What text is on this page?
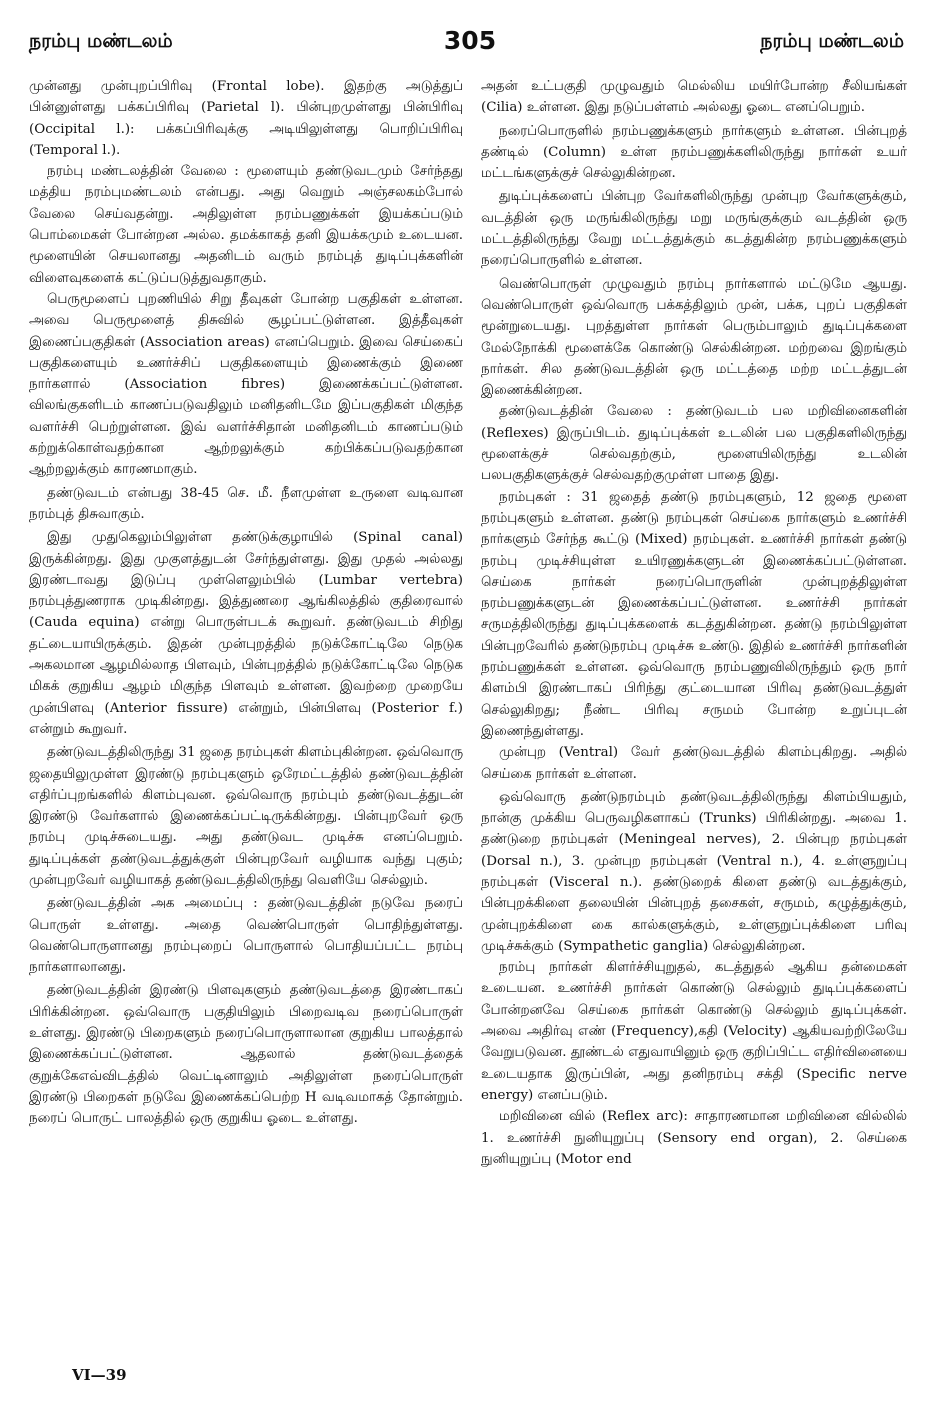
நரம்பு மண்டலம்	305	நரம்பு மண்டலம்

முன்னது முன்புறப்பிரிவு (Frontal lobe). இதற்கு அடுத்துப் பின்னுள்ளது பக்கப்பிரிவு (Parietal l). பின்புறமுள்ளது பின்பிரிவு (Occipital l.): பக்கப்பிரிவுக்கு அடியிலுள்ளது பொறிப்பிரிவு (Temporal l.).

நரம்பு மண்டலத்தின் வேலை : மூளையும் தண்டுவடமும் சேர்ந்தது மத்திய நரம்புமண்டலம் என்பது. அது வெறும் அஞ்சலகம்போல் வேலை செய்வதன்று. அதிலுள்ள நரம்பணுக்கள் இயக்கப்படும் பொம்மைகள் போன்றன அல்ல. தமக்காகத் தனி இயக்கமும் உடையன. மூளையின் செயலானது அதனிடம் வரும் நரம்புத் துடிப்புக்களின் விளைவுகளைக் கட்டுப்படுத்துவதாகும்.

பெருமூளைப் புறணியில் சிறு தீவுகள் போன்ற பகுதிகள் உள்ளன. அவை பெருமூளைத் திசுவில் சூழப்பட்டுள்ளன. இத்தீவுகள் இணைப்பகுதிகள் (Association areas) எனப்பெறும். இவை செய்கைப் பகுதிகளையும் உணர்ச்சிப் பகுதிகளையும் இணைக்கும் இணை நார்களால் (Association fibres) இணைக்கப்பட்டுள்ளன. விலங்குகளிடம் காணப்படுவதிலும் மனிதனிடமே இப்பகுதிகள் மிகுந்த வளர்ச்சி பெற்றுள்ளன. இவ் வளர்ச்சிதான் மனிதனிடம் காணப்படும் கற்றுக்கொள்வதற்கான ஆற்றலுக்கும் கற்பிக்கப்படுவதற்கான ஆற்றலுக்கும் காரணமாகும்.

தண்டுவடம் என்பது 38-45 செ. மீ. நீளமுள்ள உருளை வடிவான நரம்புத் திசுவாகும்.

இது முதுகெலும்பிலுள்ள தண்டுக்குழாயில் (Spinal canal) இருக்கின்றது. இது முகுளத்துடன் சேர்ந்துள்ளது. இது முதல் அல்லது இரண்டாவது இடுப்பு முள்ளெலும்பில் (Lumbar vertebra) நரம்புத்துணராக முடிகின்றது. இத்துணரை ஆங்கிலத்தில் குதிரைவால் (Cauda equina) என்று பொருள்படக் கூறுவர். தண்டுவடம் சிறிது தட்டையாயிருக்கும். இதன் முன்புறத்தில் நடுக்கோட்டிலே நெடுக அகலமான ஆழமில்லாத பிளவும், பின்புறத்தில் நடுக்கோட்டிலே நெடுக மிகக் குறுகிய ஆழம் மிகுந்த பிளவும் உள்ளன. இவற்றை முறையே முன்பிளவு (Anterior fissure) என்றும், பின்பிளவு (Posterior f.) என்றும் கூறுவர்.

தண்டுவடத்திலிருந்து 31 ஜதை நரம்புகள் கிளம்புகின்றன. ஒவ்வொரு ஜதையிலுமுள்ள இரண்டு நரம்புகளும் ஒரேமட்டத்தில் தண்டுவடத்தின் எதிர்ப்புறங்களில் கிளம்புவன. ஒவ்வொரு நரம்பும் தண்டுவடத்துடன் இரண்டு வேர்களால் இணைக்கப்பட்டிருக்கின்றது. பின்புறவேர் ஒரு நரம்பு முடிச்சுடையது. அது தண்டுவட முடிச்சு எனப்பெறும். துடிப்புக்கள் தண்டுவடத்துக்குள் பின்புறவேர் வழியாக வந்து புகும்; முன்புறவேர் வழியாகத் தண்டுவடத்திலிருந்து வெளியே செல்லும்.

தண்டுவடத்தின் அக அமைப்பு : தண்டுவடத்தின் நடுவே நரைப் பொருள் உள்ளது. அதை வெண்பொருள் பொதிந்துள்ளது. வெண்பொருளானது நரம்புறைப் பொருளால் பொதியப்பட்ட நரம்பு நார்களாலானது.

தண்டுவடத்தின் இரண்டு பிளவுகளும் தண்டுவடத்தை இரண்டாகப் பிரிக்கின்றன. ஒவ்வொரு பகுதியிலும் பிறைவடிவ நரைப்பொருள் உள்ளது. இரண்டு பிறைகளும் நரைப்பொருளாலான குறுகிய பாலத்தால் இணைக்கப்பட்டுள்ளன. ஆதலால் தண்டுவடத்தைக் குறுக்கேஎவ்விடத்தில் வெட்டினாலும் அதிலுள்ள நரைப்பொருள் இரண்டு பிறைகள் நடுவே இணைக்கப்பெற்ற H வடிவமாகத் தோன்றும். நரைப் பொருட் பாலத்தில் ஒரு குறுகிய ஓடை உள்ளது.

அதன் உட்பகுதி முழுவதும் மெல்லிய மயிர்போன்ற சீலியங்கள் (Cilia) உள்ளன. இது நடுப்பள்ளம் அல்லது ஓடை எனப்பெறும்.

நரைப்பொருளில் நரம்பணுக்களும் நார்களும் உள்ளன. பின்புறத் தண்டில் (Column) உள்ள நரம்பணுக்களிலிருந்து நார்கள் உயர் மட்டங்களுக்குச் செல்லுகின்றன.

துடிப்புக்களைப் பின்புற வேர்களிலிருந்து முன்புற வேர்களுக்கும், வடத்தின் ஒரு மருங்கிலிருந்து மறு மருங்குக்கும் வடத்தின் ஒரு மட்டத்திலிருந்து வேறு மட்டத்துக்கும் கடத்துகின்ற நரம்பணுக்களும் நரைப்பொருளில் உள்ளன.

வெண்பொருள் முழுவதும் நரம்பு நார்களால் மட்டுமே ஆயது. வெண்பொருள் ஒவ்வொரு பக்கத்திலும் முன், பக்க, புறப் பகுதிகள் மூன்றுடையது. புறத்துள்ள நார்கள் பெரும்பாலும் துடிப்புக்களை மேல்நோக்கி மூளைக்கே கொண்டு செல்கின்றன. மற்றவை இறங்கும் நார்கள். சில தண்டுவடத்தின் ஒரு மட்டத்தை மற்ற மட்டத்துடன் இணைக்கின்றன.

தண்டுவடத்தின் வேலை : தண்டுவடம் பல மறிவினைகளின் (Reflexes) இருப்பிடம். துடிப்புக்கள் உடலின் பல பகுதிகளிலிருந்து மூளைக்குச் செல்வதற்கும், மூளையிலிருந்து உடலின் பலபகுதிகளுக்குச் செல்வதற்குமுள்ள பாதை இது.

நரம்புகள் : 31 ஜதைத் தண்டு நரம்புகளும், 12 ஜதை மூளை நரம்புகளும் உள்ளன. தண்டு நரம்புகள் செய்கை நார்களும் உணர்ச்சி நார்களும் சேர்ந்த கூட்டு (Mixed) நரம்புகள். உணர்ச்சி நார்கள் தண்டு நரம்பு முடிச்சியுள்ள உயிரணுக்களுடன் இணைக்கப்பட்டுள்ளன. செய்கை நார்கள் நரைப்பொருளின் முன்புறத்திலுள்ள நரம்பணுக்களுடன் இணைக்கப்பட்டுள்ளன. உணர்ச்சி நார்கள் சருமத்திலிருந்து துடிப்புக்களைக் கடத்துகின்றன. தண்டு நரம்பிலுள்ள பின்புறவேரில் தண்டுநரம்பு முடிச்சு உண்டு. இதில் உணர்ச்சி நார்களின் நரம்பணுக்கள் உள்ளன. ஒவ்வொரு நரம்பணுவிலிருந்தும் ஒரு நார் கிளம்பி இரண்டாகப் பிரிந்து குட்டையான பிரிவு தண்டுவடத்துள் செல்லுகிறது; நீண்ட பிரிவு சருமம் போன்ற உறுப்புடன் இணைந்துள்ளது.

முன்புற (Ventral) வேர் தண்டுவடத்தில் கிளம்புகிறது. அதில் செய்கை நார்கள் உள்ளன.

ஒவ்வொரு தண்டுநரம்பும் தண்டுவடத்திலிருந்து கிளம்பியதும், நான்கு முக்கிய பெருவழிகளாகப் (Trunks) பிரிகின்றது. அவை 1. தண்டுறை நரம்புகள் (Meningeal nerves), 2. பின்புற நரம்புகள் (Dorsal n.), 3. முன்புற நரம்புகள் (Ventral n.), 4. உள்ளுறுப்பு நரம்புகள் (Visceral n.). தண்டுறைக் கிளை தண்டு வடத்துக்கும், பின்புறக்கிளை தலையின் பின்புறத் தசைகள், சருமம், கழுத்துக்கும், முன்புறக்கிளை கை கால்களுக்கும், உள்ளுறுப்புக்கிளை பரிவு முடிச்சுக்கும் (Sympathetic ganglia) செல்லுகின்றன.

நரம்பு நார்கள் கிளர்ச்சியுறுதல், கடத்துதல் ஆகிய தன்மைகள் உடையன. உணர்ச்சி நார்கள் கொண்டு செல்லும் துடிப்புக்களைப் போன்றனவே செய்கை நார்கள் கொண்டு செல்லும் துடிப்புக்கள். அவை அதிர்வு எண் (Frequency),கதி (Velocity) ஆகியவற்றிலேயே வேறுபடுவன. தூண்டல் எதுவாயினும் ஒரு குறிப்பிட்ட எதிர்வினையை உடையதாக இருப்பின், அது தனிநரம்பு சக்தி (Specific nerve energy) எனப்படும்.

மறிவினை வில் (Reflex arc): சாதாரணமான மறிவினை வில்லில் 1. உணர்ச்சி நுனியுறுப்பு (Sensory end organ), 2. செய்கை நுனியுறுப்பு (Motor end

VI—39
